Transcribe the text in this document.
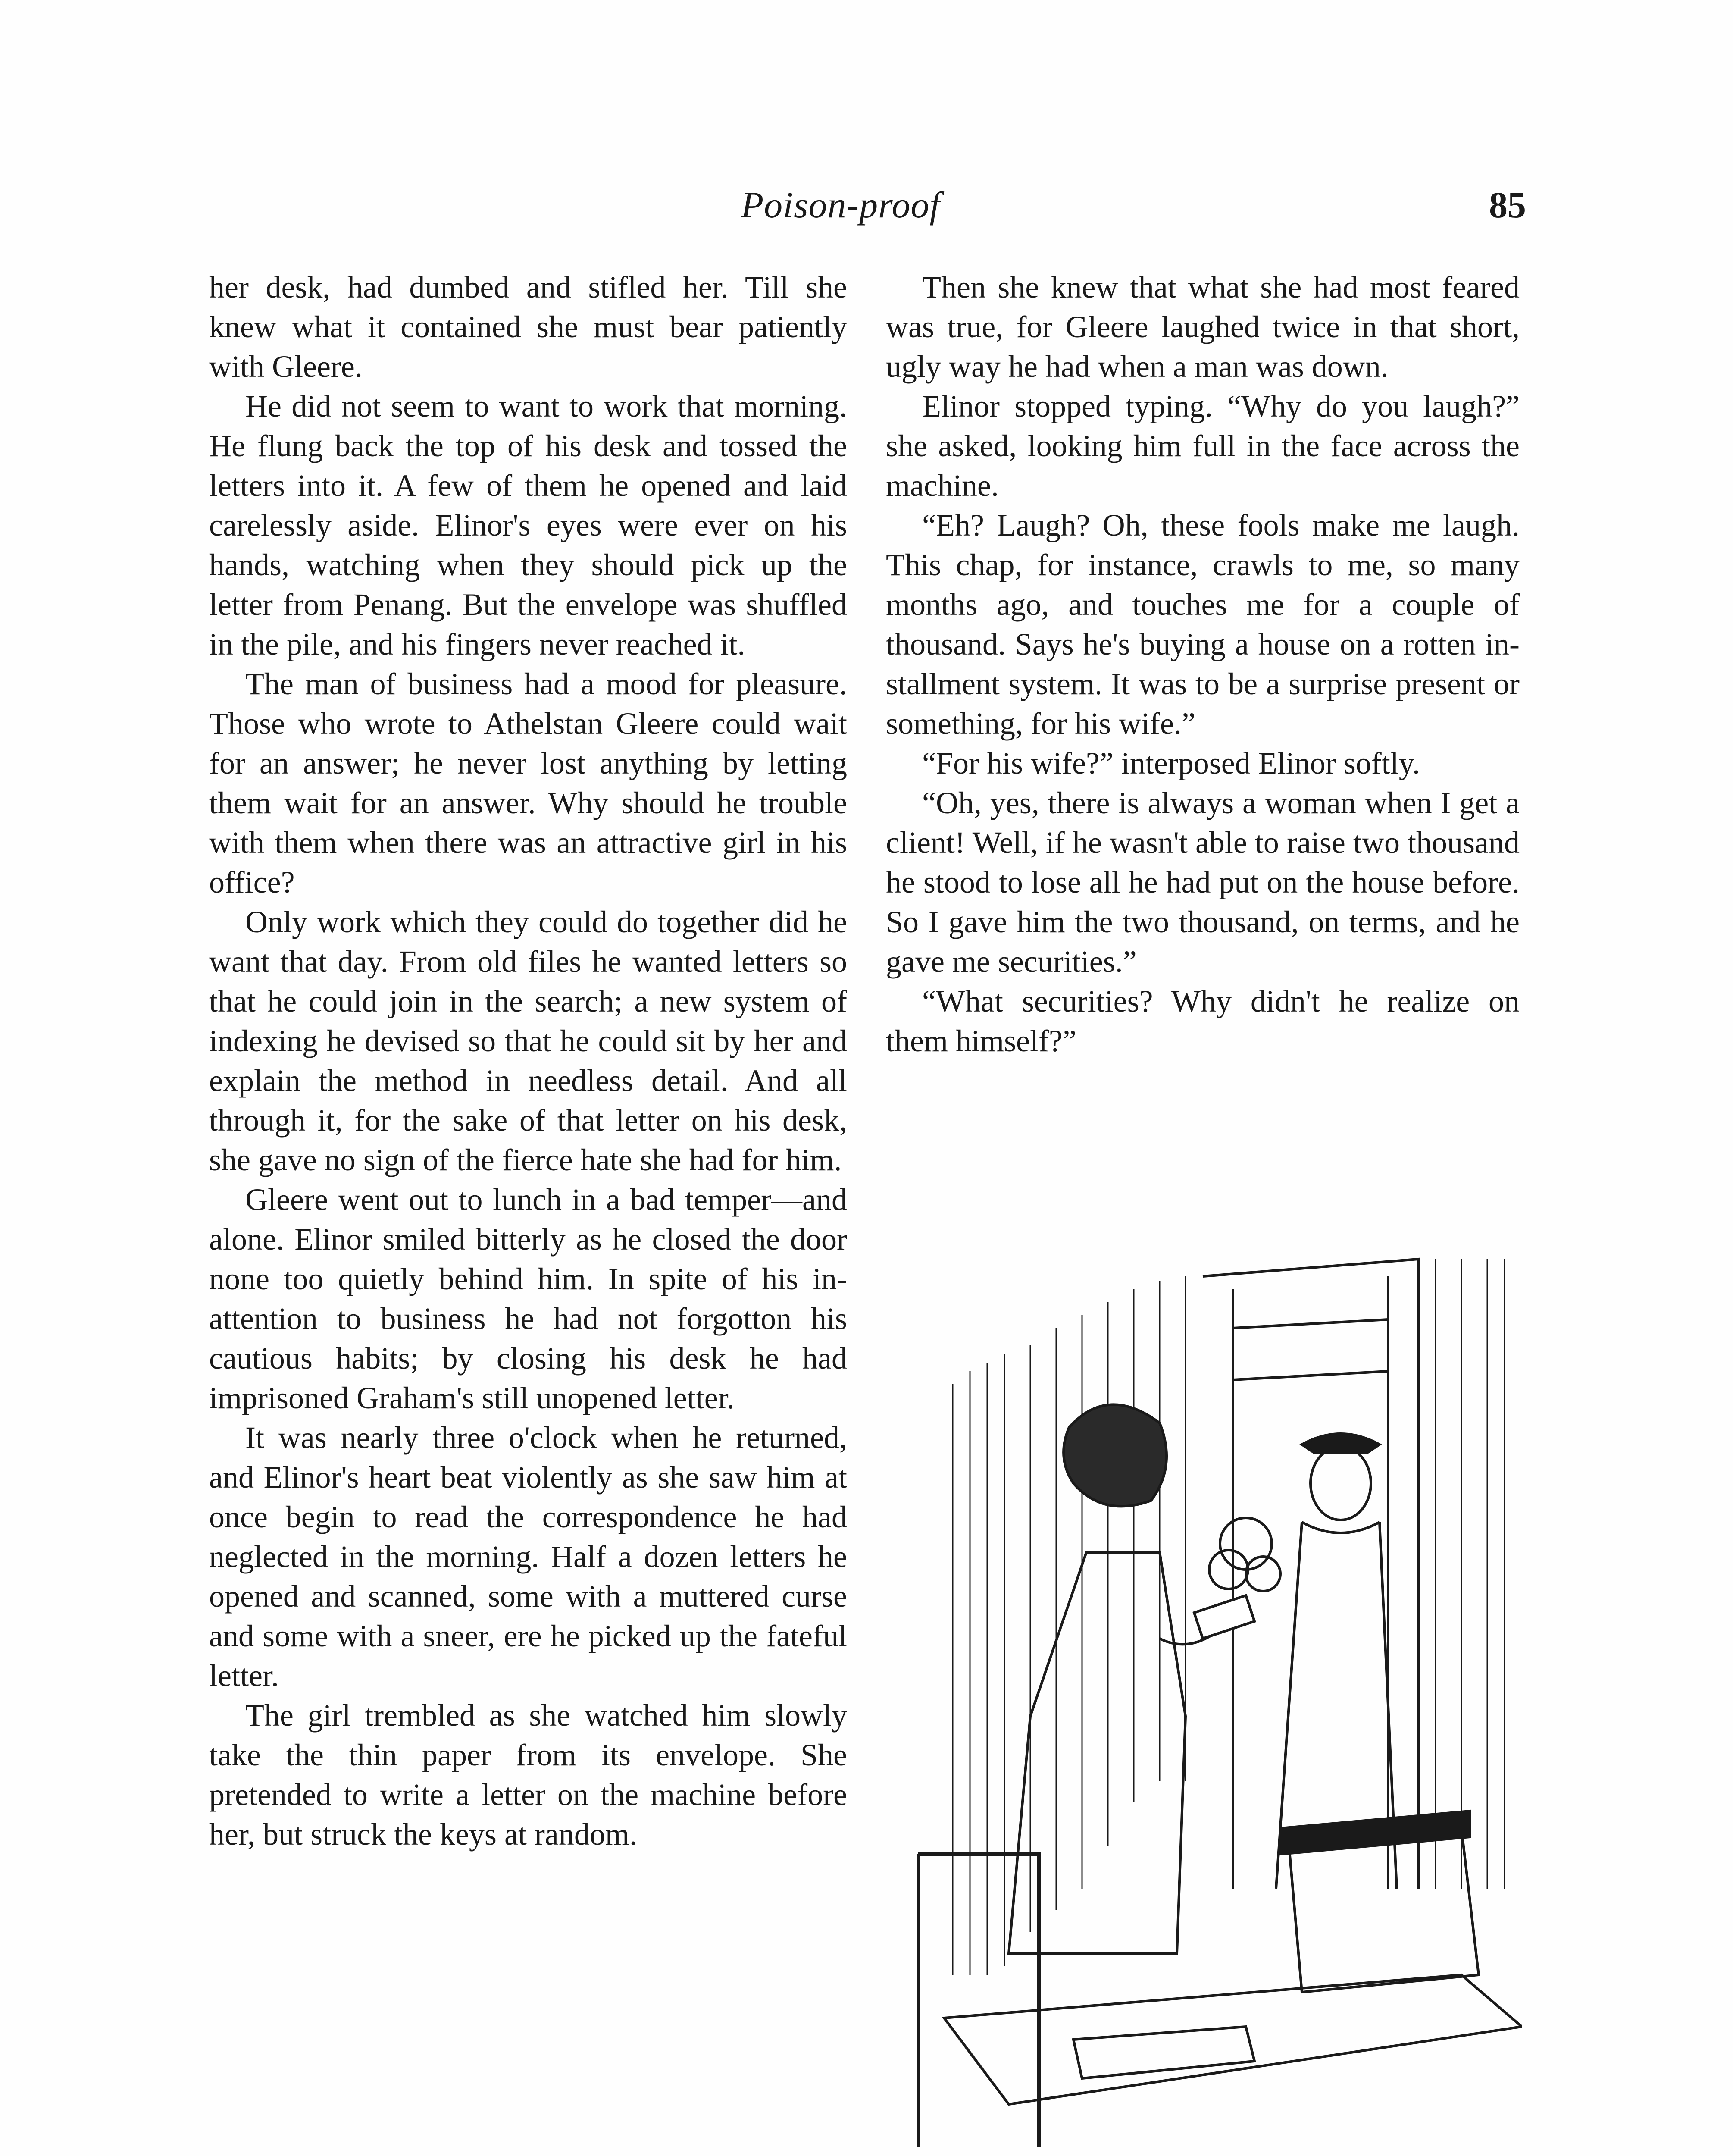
Poison-proof	85

her desk, had dumbed and stifled her. Till she knew what it contained she must bear patiently with Gleere.

He did not seem to want to work that morning. He flung back the top of his desk and tossed the letters into it. A few of them he opened and laid carelessly aside. Elinor's eyes were ever on his hands, watching when they should pick up the letter from Penang. But the envelope was shuffled in the pile, and his fingers never reached it.

The man of business had a mood for pleasure. Those who wrote to Athelstan Gleere could wait for an answer; he never lost anything by letting them wait for an answer. Why should he trouble with them when there was an attractive girl in his office?

Only work which they could do together did he want that day. From old files he wanted letters so that he could join in the search; a new system of indexing he devised so that he could sit by her and explain the method in needless detail. And all through it, for the sake of that letter on his desk, she gave no sign of the fierce hate she had for him.

Gleere went out to lunch in a bad temper—and alone. Elinor smiled bitterly as he closed the door none too quietly behind him. In spite of his inattention to business he had not forgotton his cautious habits; by closing his desk he had imprisoned Graham's still unopened letter.

It was nearly three o'clock when he returned, and Elinor's heart beat violently as she saw him at once begin to read the correspondence he had neglected in the morning. Half a dozen letters he opened and scanned, some with a muttered curse and some with a sneer, ere he picked up the fateful letter.

The girl trembled as she watched him slowly take the thin paper from its envelope. She pretended to write a letter on the machine before her, but struck the keys at random.

Then she knew that what she had most feared was true, for Gleere laughed twice in that short, ugly way he had when a man was down.

Elinor stopped typing. “Why do you laugh?” she asked, looking him full in the face across the machine.

“Eh? Laugh? Oh, these fools make me laugh. This chap, for instance, crawls to me, so many months ago, and touches me for a couple of thousand. Says he's buying a house on a rotten installment system. It was to be a surprise present or something, for his wife.”

“For his wife?” interposed Elinor softly.

“Oh, yes, there is always a woman when I get a client! Well, if he wasn't able to raise two thousand he stood to lose all he had put on the house before. So I gave him the two thousand, on terms, and he gave me securities.”

“What securities? Why didn't he realize on them himself?”
